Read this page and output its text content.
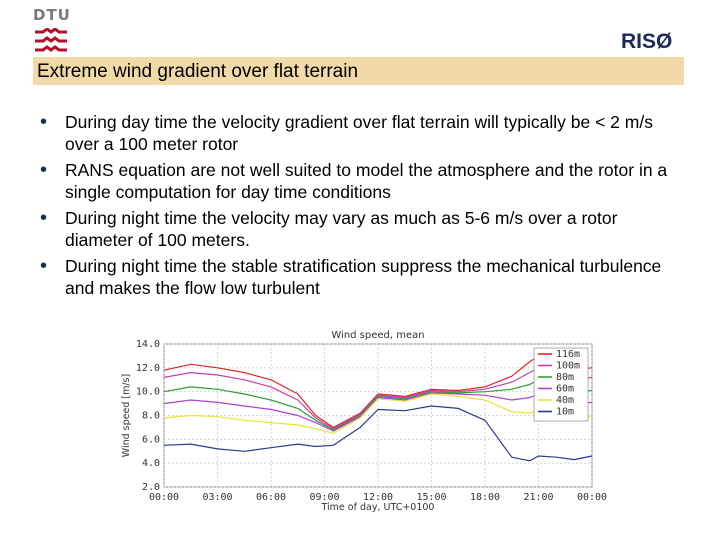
DTU
RISØ
Extreme wind gradient over flat terrain
• During day time the velocity gradient over flat terrain will typically be < 2 m/s over a 100 meter rotor
• RANS equation are not well suited to model the atmosphere and the rotor in a single computation for day time conditions
• During night time the velocity may vary as much as 5-6 m/s over a rotor diameter of 100 meters.
• During night time the stable stratification suppress the mechanical turbulence and makes the flow low turbulent
Wind speed, mean
2.0
4.0
6.0
8.0
10.0
12.0
14.0
00:00 03:00 06:00 09:00 12:00 15:00 18:00 21:00 00:00
Time of day, UTC+0100
Wind speed [m/s]
116m
100m
80m
60m
40m
10m
